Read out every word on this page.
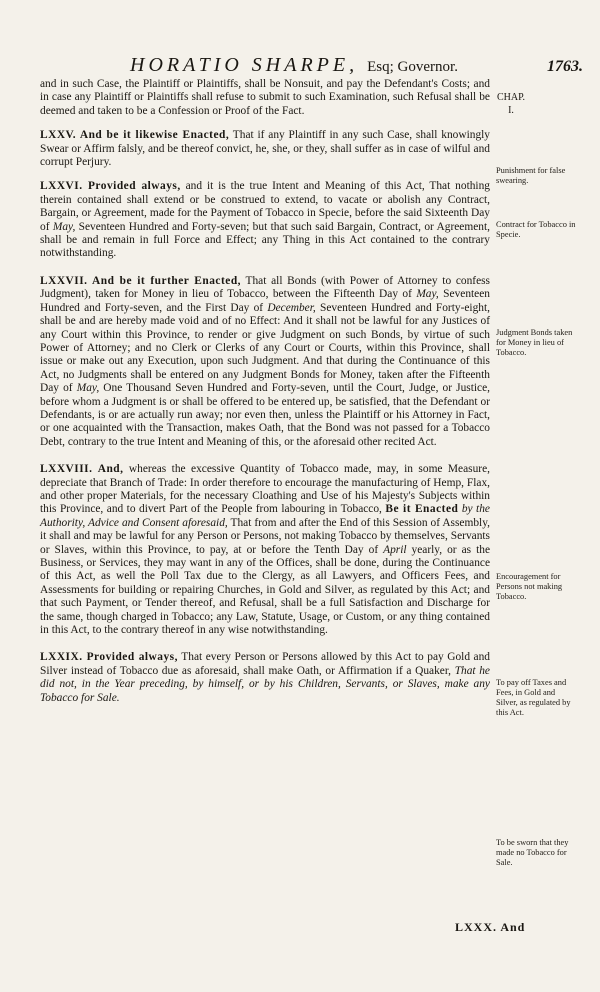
HORATIO SHARPE, Esq; Governor.	1763.
CHAP.
I.

and in such Case, the Plaintiff or Plaintiffs, shall be Nonsuit, and pay the Defendant's Costs; and in case any Plaintiff or Plaintiffs shall refuse to submit to such Examination, such Refusal shall be deemed and taken to be a Confession or Proof of the Fact.

LXXV. And be it likewise Enacted, That if any Plaintiff in any such Case, shall knowingly Swear or Affirm falsly, and be thereof convict, he, she, or they, shall suffer as in case of wilful and corrupt Perjury.

LXXVI. Provided always, and it is the true Intent and Meaning of this Act, That nothing therein contained shall extend or be construed to extend, to vacate or abolish any Contract, Bargain, or Agreement, made for the Payment of Tobacco in Specie, before the said Sixteenth Day of May, Seventeen Hundred and Forty-seven; but that such said Bargain, Contract, or Agreement, shall be and remain in full Force and Effect; any Thing in this Act contained to the contrary notwithstanding.

LXXVII. And be it further Enacted, That all Bonds (with Power of Attorney to confess Judgment), taken for Money in lieu of Tobacco, between the Fifteenth Day of May, Seventeen Hundred and Forty-seven, and the First Day of December, Seventeen Hundred and Forty-eight, shall be and are hereby made void and of no Effect: And it shall not be lawful for any Justices of any Court within this Province, to render or give Judgment on such Bonds, by virtue of such Power of Attorney; and no Clerk or Clerks of any Court or Courts, within this Province, shall issue or make out any Execution, upon such Judgment. And that during the Continuance of this Act, no Judgments shall be entered on any Judgment Bonds for Money, taken after the Fifteenth Day of May, One Thousand Seven Hundred and Forty-seven, until the Court, Judge, or Justice, before whom a Judgment is or shall be offered to be entered up, be satisfied, that the Defendant or Defendants, is or are actually run away; nor even then, unless the Plaintiff or his Attorney in Fact, or one acquainted with the Transaction, makes Oath, that the Bond was not passed for a Tobacco Debt, contrary to the true Intent and Meaning of this, or the aforesaid other recited Act.

LXXVIII. And, whereas the excessive Quantity of Tobacco made, may, in some Measure, depreciate that Branch of Trade: In order therefore to encourage the manufacturing of Hemp, Flax, and other proper Materials, for the necessary Cloathing and Use of his Majesty's Subjects within this Province, and to divert Part of the People from labouring in Tobacco, Be it Enacted by the Authority, Advice and Consent aforesaid, That from and after the End of this Session of Assembly, it shall and may be lawful for any Person or Persons, not making Tobacco by themselves, Servants or Slaves, within this Province, to pay, at or before the Tenth Day of April yearly, or as the Business, or Services, they may want in any of the Offices, shall be done, during the Continuance of this Act, as well the Poll Tax due to the Clergy, as all Lawyers, and Officers Fees, and Assessments for building or repairing Churches, in Gold and Silver, as regulated by this Act; and that such Payment, or Tender thereof, and Refusal, shall be a full Satisfaction and Discharge for the same, though charged in Tobacco; any Law, Statute, Usage, or Custom, or any thing contained in this Act, to the contrary thereof in any wise notwithstanding.

LXXIX. Provided always, That every Person or Persons allowed by this Act to pay Gold and Silver instead of Tobacco due as aforesaid, shall make Oath, or Affirmation if a Quaker, That he did not, in the Year preceding, by himself, or by his Children, Servants, or Slaves, make any Tobacco for Sale.

Punishment for false swearing.
Contract for Tobacco in Specie.
Judgment Bonds taken for Money in lieu of Tobacco.
Encouragement for Persons not making Tobacco.
To pay off Taxes and Fees, in Gold and Silver, as regulated by this Act.
To be sworn that they made no Tobacco for Sale.
LXXX. And
